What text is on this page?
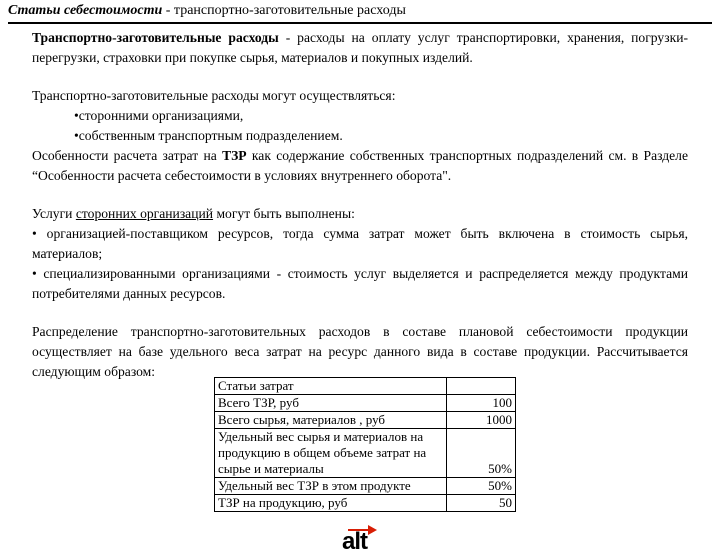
Статьи себестоимости - транспортно-заготовительные расходы

Транспортно-заготовительные расходы - расходы на оплату услуг транспортировки, хранения, погрузки-перегрузки, страховки при покупке сырья, материалов и покупных изделий.

Транспортно-заготовительные расходы могут осуществляться:

•сторонними организациями,

•собственным транспортным подразделением.

Особенности расчета затрат на ТЗР как содержание собственных транспортных подразделений см. в Разделе “Особенности расчета себестоимости в условиях внутреннего оборота".

Услуги сторонних организаций могут быть выполнены:

• организацией-поставщиком ресурсов, тогда сумма затрат может быть включена в стоимость сырья, материалов;

• специализированными организациями - стоимость услуг выделяется и распределяется между продуктами потребителями данных ресурсов.

Распределение транспортно-заготовительных расходов в составе плановой себестоимости продукции осуществляет на базе удельного веса затрат на ресурс данного вида в составе продукции. Рассчитывается следующим образом:

Статьи затрат	
Всего ТЗР, руб	100
Всего сырья, материалов , руб	1000
Удельный вес сырья и материалов на продукцию в общем объеме затрат на сырье и материалы	50%
Удельный вес ТЗР в этом продукте	50%
ТЗР на продукцию, руб	50
alt
